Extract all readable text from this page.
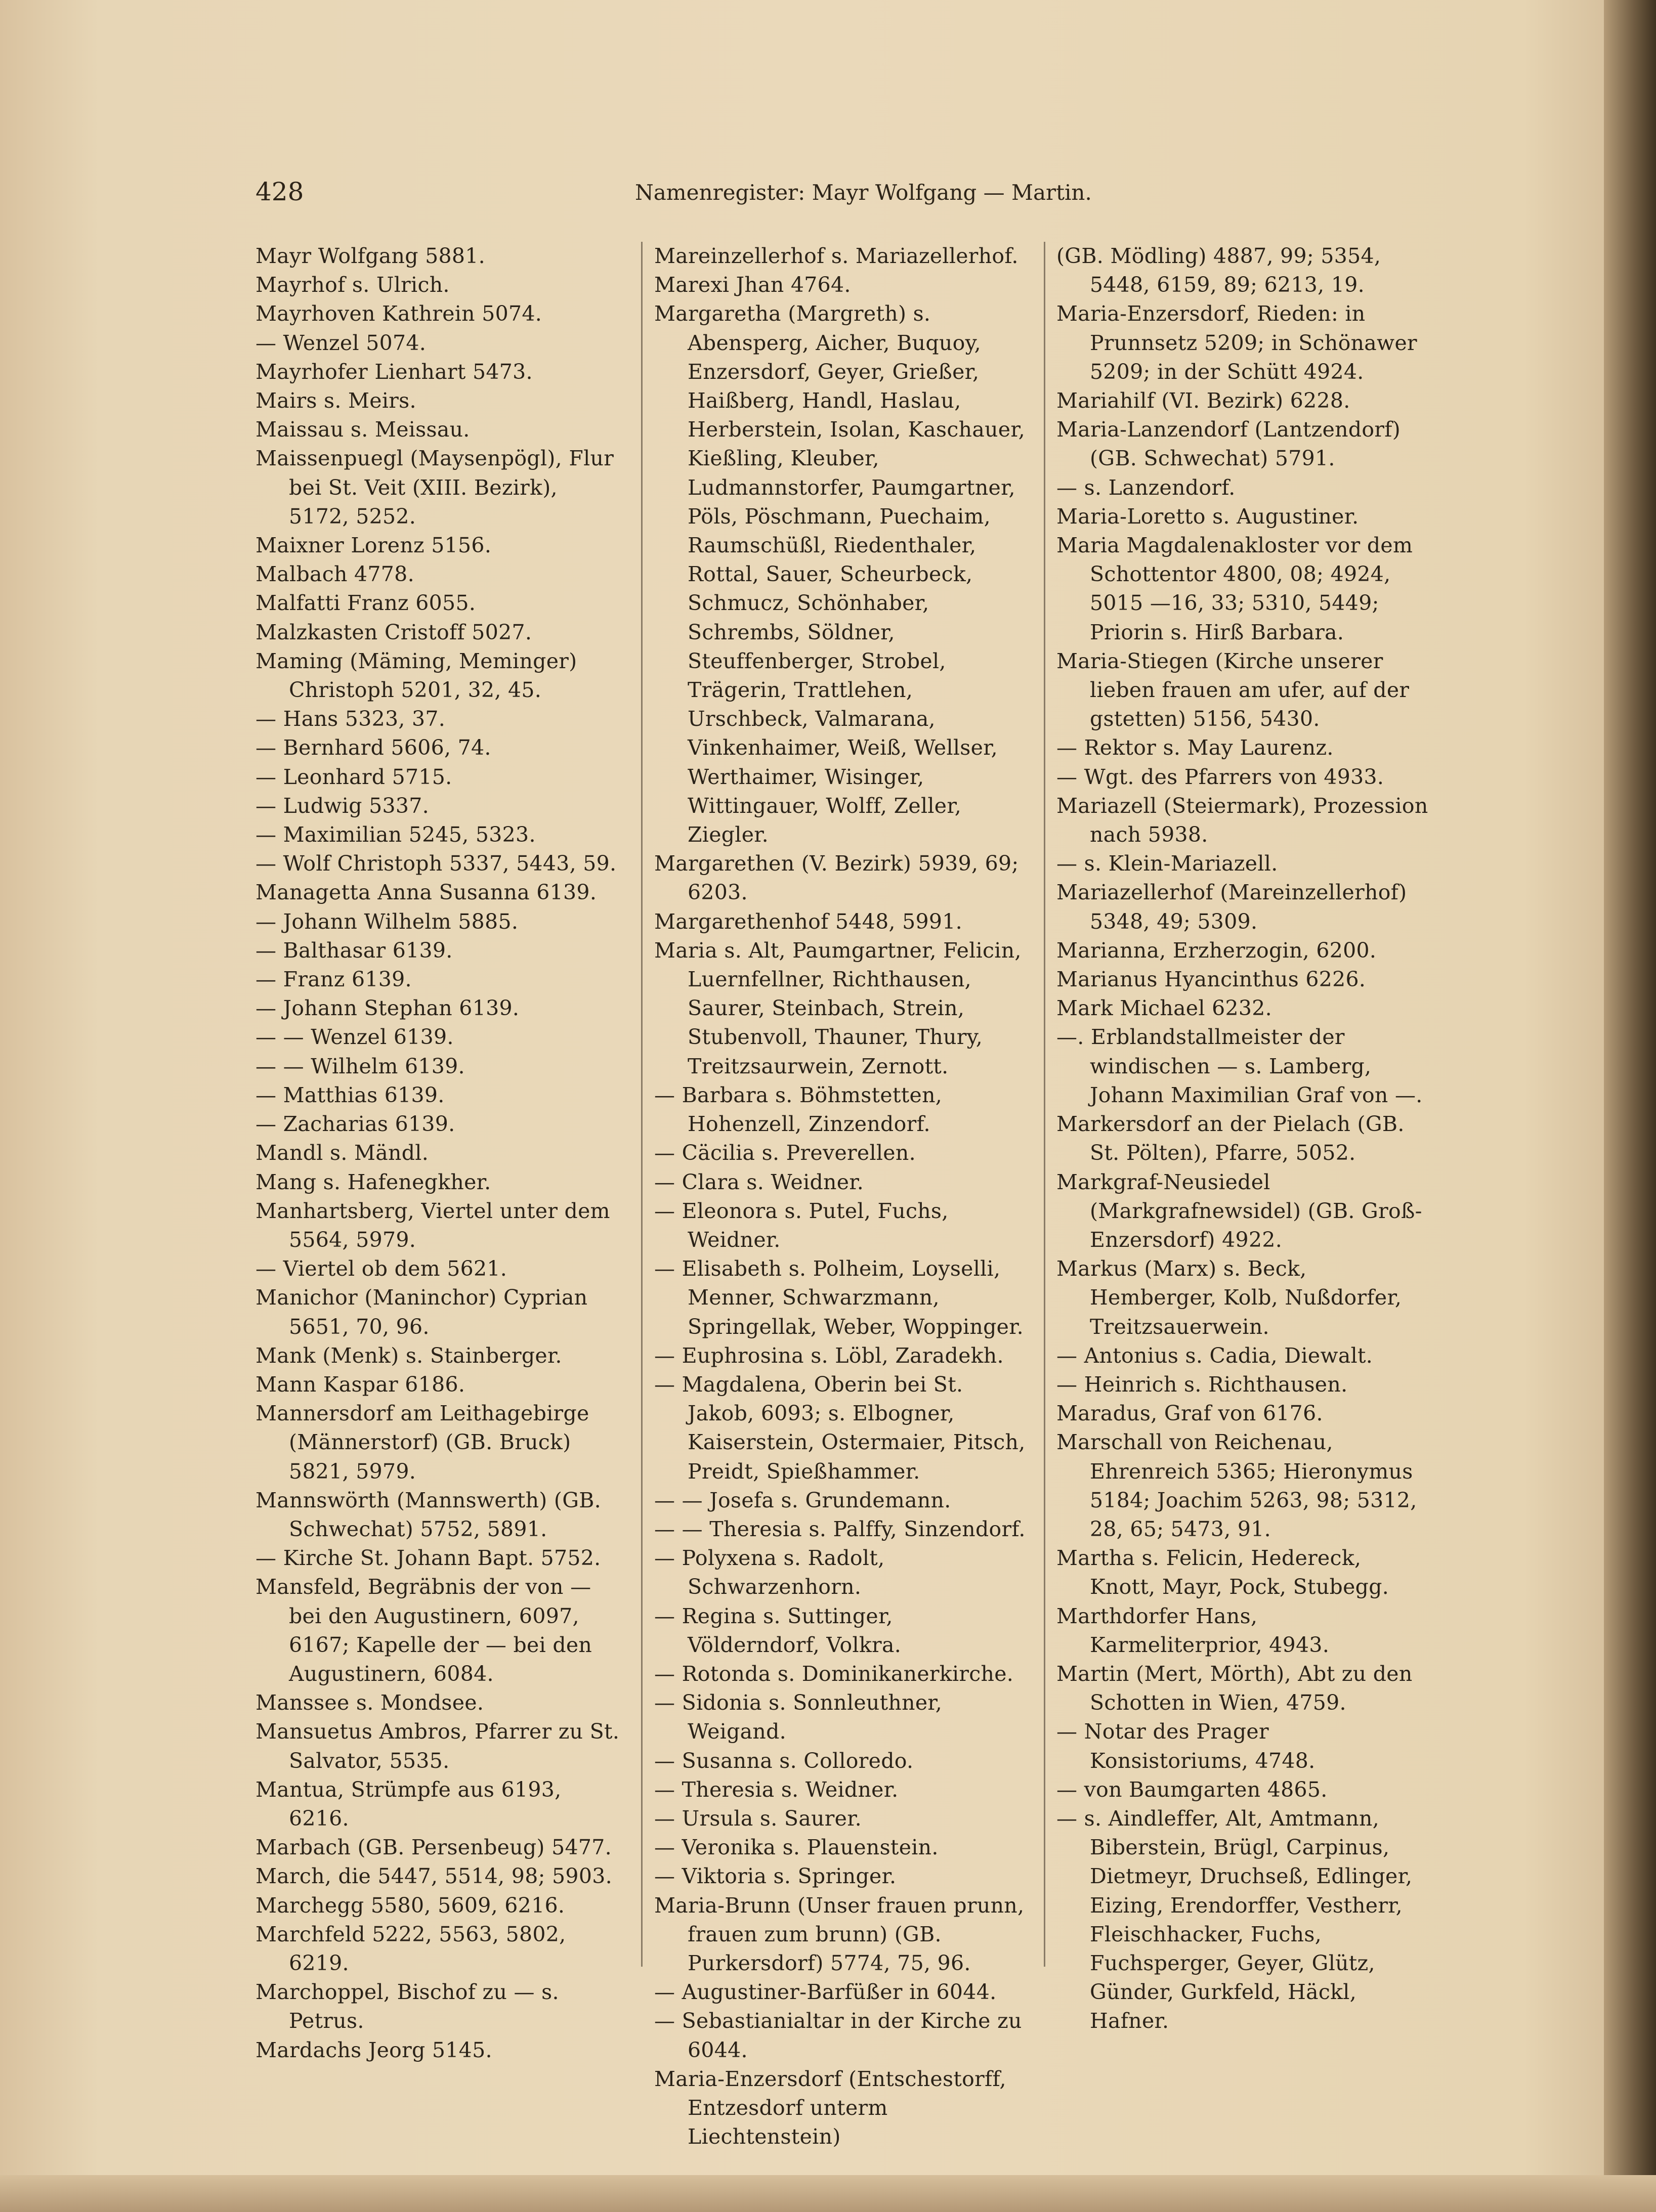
428	Namenregister: Mayr Wolfgang — Martin.

Mayr Wolfgang 5881.

Mayrhof s. Ulrich.

Mayrhoven Kathrein 5074.

— Wenzel 5074.

Mayrhofer Lienhart 5473.

Mairs s. Meirs.

Maissau s. Meissau.

Maissenpuegl (Maysenpögl), Flur bei St. Veit (XIII. Bezirk), 5172, 5252.

Maixner Lorenz 5156.

Malbach 4778.

Malfatti Franz 6055.

Malzkasten Cristoff 5027.

Maming (Mäming, Meminger) Christoph 5201, 32, 45.

— Hans 5323, 37.

— Bernhard 5606, 74.

— Leonhard 5715.

— Ludwig 5337.

— Maximilian 5245, 5323.

— Wolf Christoph 5337, 5443, 59.

Managetta Anna Susanna 6139.

— Johann Wilhelm 5885.

— Balthasar 6139.

— Franz 6139.

— Johann Stephan 6139.

— — Wenzel 6139.

— — Wilhelm 6139.

— Matthias 6139.

— Zacharias 6139.

Mandl s. Mändl.

Mang s. Hafenegkher.

Manhartsberg, Viertel unter dem 5564, 5979.

— Viertel ob dem 5621.

Manichor (Maninchor) Cyprian 5651, 70, 96.

Mank (Menk) s. Stainberger.

Mann Kaspar 6186.

Mannersdorf am Leithagebirge (Männerstorf) (GB. Bruck) 5821, 5979.

Mannswörth (Mannswerth) (GB. Schwechat) 5752, 5891.

— Kirche St. Johann Bapt. 5752.

Mansfeld, Begräbnis der von — bei den Augustinern, 6097, 6167; Kapelle der — bei den Augustinern, 6084.

Manssee s. Mondsee.

Mansuetus Ambros, Pfarrer zu St. Salvator, 5535.

Mantua, Strümpfe aus 6193, 6216.

Marbach (GB. Persenbeug) 5477.

March, die 5447, 5514, 98; 5903.

Marchegg 5580, 5609, 6216.

Marchfeld 5222, 5563, 5802, 6219.

Marchoppel, Bischof zu — s. Petrus.

Mardachs Jeorg 5145.

Mareinzellerhof s. Mariazellerhof.

Marexi Jhan 4764.

Margaretha (Margreth) s. Abensperg, Aicher, Buquoy, Enzersdorf, Geyer, Grießer, Haißberg, Handl, Haslau, Herberstein, Isolan, Kaschauer, Kießling, Kleuber, Ludmannstorfer, Paumgartner, Pöls, Pöschmann, Puechaim, Raumschüßl, Riedenthaler, Rottal, Sauer, Scheurbeck, Schmucz, Schönhaber, Schrembs, Söldner, Steuffenberger, Strobel, Trägerin, Trattlehen, Urschbeck, Valmarana, Vinkenhaimer, Weiß, Wellser, Werthaimer, Wisinger, Wittingauer, Wolff, Zeller, Ziegler.

Margarethen (V. Bezirk) 5939, 69; 6203.

Margarethenhof 5448, 5991.

Maria s. Alt, Paumgartner, Felicin, Luernfellner, Richthausen, Saurer, Steinbach, Strein, Stubenvoll, Thauner, Thury, Treitzsaurwein, Zernott.

— Barbara s. Böhmstetten, Hohenzell, Zinzendorf.

— Cäcilia s. Preverellen.

— Clara s. Weidner.

— Eleonora s. Putel, Fuchs, Weidner.

— Elisabeth s. Polheim, Loyselli, Menner, Schwarzmann, Springellak, Weber, Woppinger.

— Euphrosina s. Löbl, Zaradekh.

— Magdalena, Oberin bei St. Jakob, 6093; s. Elbogner, Kaiserstein, Ostermaier, Pitsch, Preidt, Spießhammer.

— — Josefa s. Grundemann.

— — Theresia s. Palffy, Sinzendorf.

— Polyxena s. Radolt, Schwarzenhorn.

— Regina s. Suttinger, Völderndorf, Volkra.

— Rotonda s. Dominikanerkirche.

— Sidonia s. Sonnleuthner, Weigand.

— Susanna s. Colloredo.

— Theresia s. Weidner.

— Ursula s. Saurer.

— Veronika s. Plauenstein.

— Viktoria s. Springer.

Maria-Brunn (Unser frauen prunn, frauen zum brunn) (GB. Purkersdorf) 5774, 75, 96.

— Augustiner-Barfüßer in 6044.

— Sebastianialtar in der Kirche zu 6044.

Maria-Enzersdorf (Entschestorff, Entzesdorf unterm Liechtenstein)

(GB. Mödling) 4887, 99; 5354, 5448, 6159, 89; 6213, 19.

Maria-Enzersdorf, Rieden: in Prunnsetz 5209; in Schönawer 5209; in der Schütt 4924.

Mariahilf (VI. Bezirk) 6228.

Maria-Lanzendorf (Lantzendorf) (GB. Schwechat) 5791.

— s. Lanzendorf.

Maria-Loretto s. Augustiner.

Maria Magdalenakloster vor dem Schottentor 4800, 08; 4924, 5015 —16, 33; 5310, 5449; Priorin s. Hirß Barbara.

Maria-Stiegen (Kirche unserer lieben frauen am ufer, auf der gstetten) 5156, 5430.

— Rektor s. May Laurenz.

— Wgt. des Pfarrers von 4933.

Mariazell (Steiermark), Prozession nach 5938.

— s. Klein-Mariazell.

Mariazellerhof (Mareinzellerhof) 5348, 49; 5309.

Marianna, Erzherzogin, 6200.

Marianus Hyancinthus 6226.

Mark Michael 6232.

—. Erblandstallmeister der windischen — s. Lamberg, Johann Maximilian Graf von —.

Markersdorf an der Pielach (GB. St. Pölten), Pfarre, 5052.

Markgraf-Neusiedel (Markgrafnewsidel) (GB. Groß-Enzersdorf) 4922.

Markus (Marx) s. Beck, Hemberger, Kolb, Nußdorfer, Treitzsauerwein.

— Antonius s. Cadia, Diewalt.

— Heinrich s. Richthausen.

Maradus, Graf von 6176.

Marschall von Reichenau, Ehrenreich 5365; Hieronymus 5184; Joachim 5263, 98; 5312, 28, 65; 5473, 91.

Martha s. Felicin, Hedereck, Knott, Mayr, Pock, Stubegg.

Marthdorfer Hans, Karmeliterprior, 4943.

Martin (Mert, Mörth), Abt zu den Schotten in Wien, 4759.

— Notar des Prager Konsistoriums, 4748.

— von Baumgarten 4865.

— s. Aindleffer, Alt, Amtmann, Biberstein, Brügl, Carpinus, Dietmeyr, Druchseß, Edlinger, Eizing, Erendorffer, Vestherr, Fleischhacker, Fuchs, Fuchsperger, Geyer, Glütz, Günder, Gurkfeld, Häckl, Hafner.
